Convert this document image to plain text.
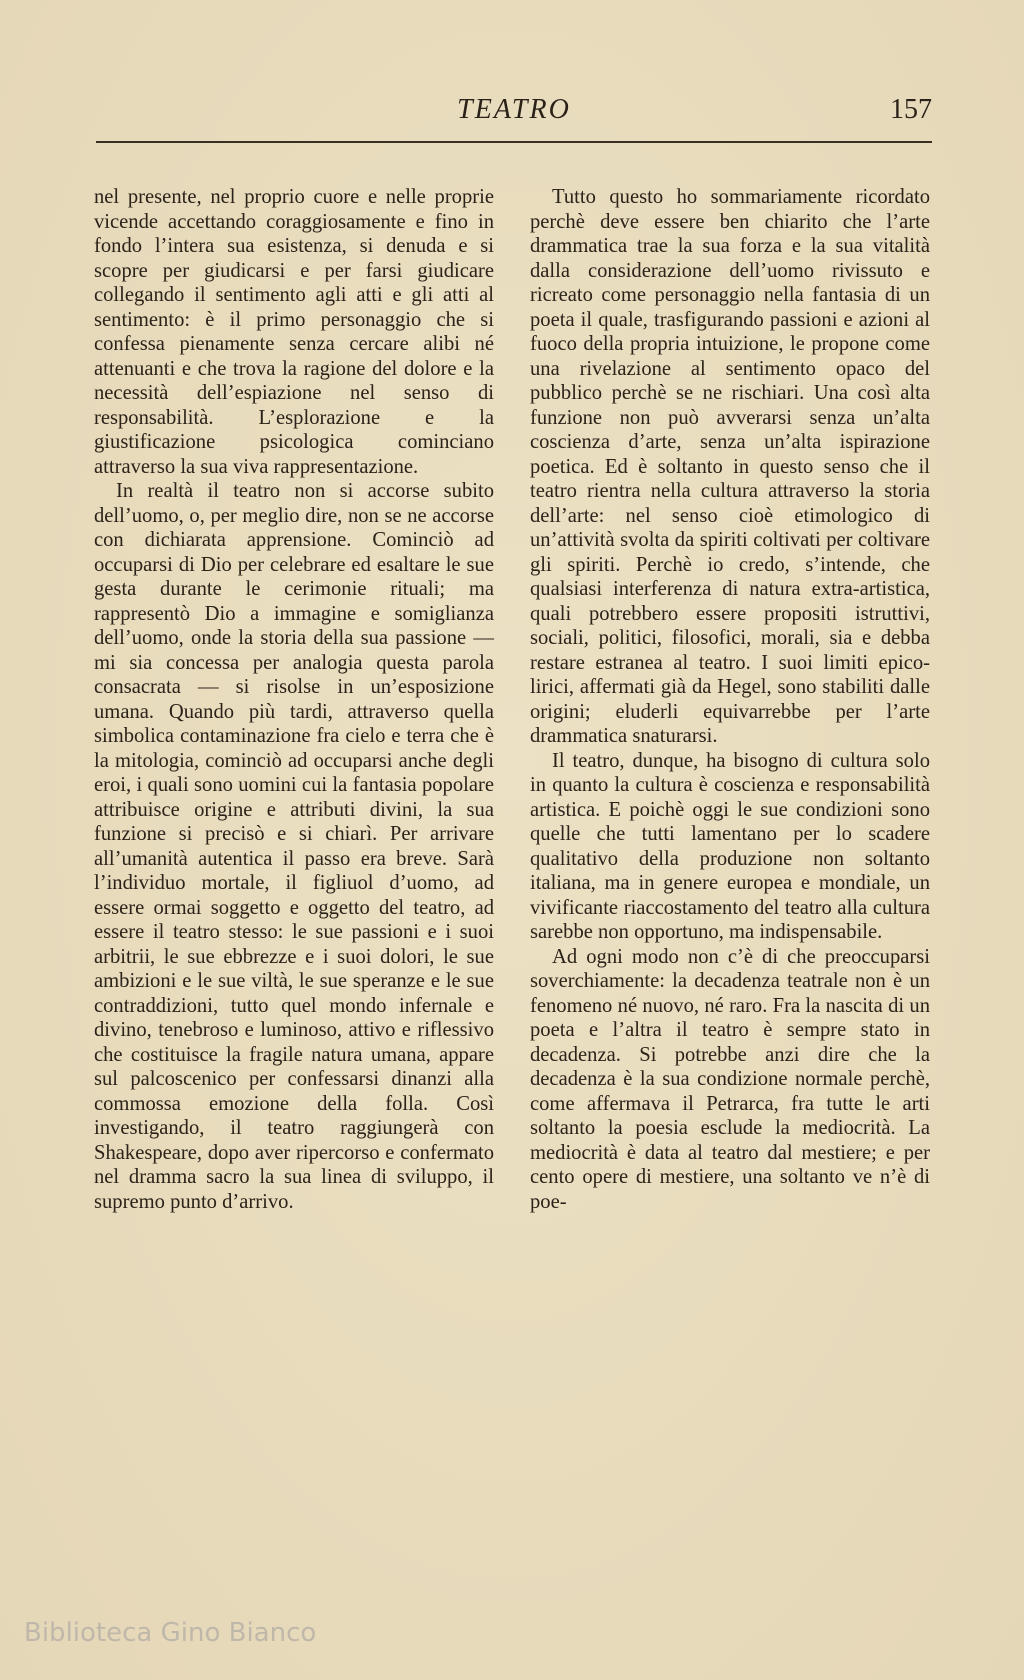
TEATRO	157

nel presente, nel proprio cuore e nelle proprie vicende accettando coraggiosamente e fino in fondo l’intera sua esistenza, si denuda e si scopre per giudicarsi e per farsi giudicare collegando il sentimento agli atti e gli atti al sentimento: è il primo personaggio che si confessa pienamente senza cercare alibi né attenuanti e che trova la ragione del dolore e la necessità dell’espiazione nel senso di responsabilità. L’esplorazione e la giustificazione psicologica cominciano attraverso la sua viva rappresentazione.

In realtà il teatro non si accorse subito dell’uomo, o, per meglio dire, non se ne accorse con dichiarata apprensione. Cominciò ad occuparsi di Dio per celebrare ed esaltare le sue gesta durante le cerimonie rituali; ma rappresentò Dio a immagine e somiglianza dell’uomo, onde la storia della sua passione — mi sia concessa per analogia questa parola consacrata — si risolse in un’esposizione umana. Quando più tardi, attraverso quella simbolica contaminazione fra cielo e terra che è la mitologia, cominciò ad occuparsi anche degli eroi, i quali sono uomini cui la fantasia popolare attribuisce origine e attributi divini, la sua funzione si precisò e si chiarì. Per arrivare all’umanità autentica il passo era breve. Sarà l’individuo mortale, il figliuol d’uomo, ad essere ormai soggetto e oggetto del teatro, ad essere il teatro stesso: le sue passioni e i suoi arbitrii, le sue ebbrezze e i suoi dolori, le sue ambizioni e le sue viltà, le sue speranze e le sue contraddizioni, tutto quel mondo infernale e divino, tenebroso e luminoso, attivo e riflessivo che costituisce la fragile natura umana, appare sul palcoscenico per confessarsi dinanzi alla commossa emozione della folla. Così investigando, il teatro raggiungerà con Shakespeare, dopo aver ripercorso e confermato nel dramma sacro la sua linea di sviluppo, il supremo punto d’arrivo.

Tutto questo ho sommariamente ricordato perchè deve essere ben chiarito che l’arte drammatica trae la sua forza e la sua vitalità dalla considerazione dell’uomo rivissuto e ricreato come personaggio nella fantasia di un poeta il quale, trasfigurando passioni e azioni al fuoco della propria intuizione, le propone come una rivelazione al sentimento opaco del pubblico perchè se ne rischiari. Una così alta funzione non può avverarsi senza un’alta coscienza d’arte, senza un’alta ispirazione poetica. Ed è soltanto in questo senso che il teatro rientra nella cultura attraverso la storia dell’arte: nel senso cioè etimologico di un’attività svolta da spiriti coltivati per coltivare gli spiriti. Perchè io credo, s’intende, che qualsiasi interferenza di natura extra-artistica, quali potrebbero essere propositi istruttivi, sociali, politici, filosofici, morali, sia e debba restare estranea al teatro. I suoi limiti epico-lirici, affermati già da Hegel, sono stabiliti dalle origini; eluderli equivarrebbe per l’arte drammatica snaturarsi.

Il teatro, dunque, ha bisogno di cultura solo in quanto la cultura è coscienza e responsabilità artistica. E poichè oggi le sue condizioni sono quelle che tutti lamentano per lo scadere qualitativo della produzione non soltanto italiana, ma in genere europea e mondiale, un vivificante riaccostamento del teatro alla cultura sarebbe non opportuno, ma indispensabile.

Ad ogni modo non c’è di che preoccuparsi soverchiamente: la decadenza teatrale non è un fenomeno né nuovo, né raro. Fra la nascita di un poeta e l’altra il teatro è sempre stato in decadenza. Si potrebbe anzi dire che la decadenza è la sua condizione normale perchè, come affermava il Petrarca, fra tutte le arti soltanto la poesia esclude la mediocrità. La mediocrità è data al teatro dal mestiere; e per cento opere di mestiere, una soltanto ve n’è di poe-

Biblioteca Gino Bianco
